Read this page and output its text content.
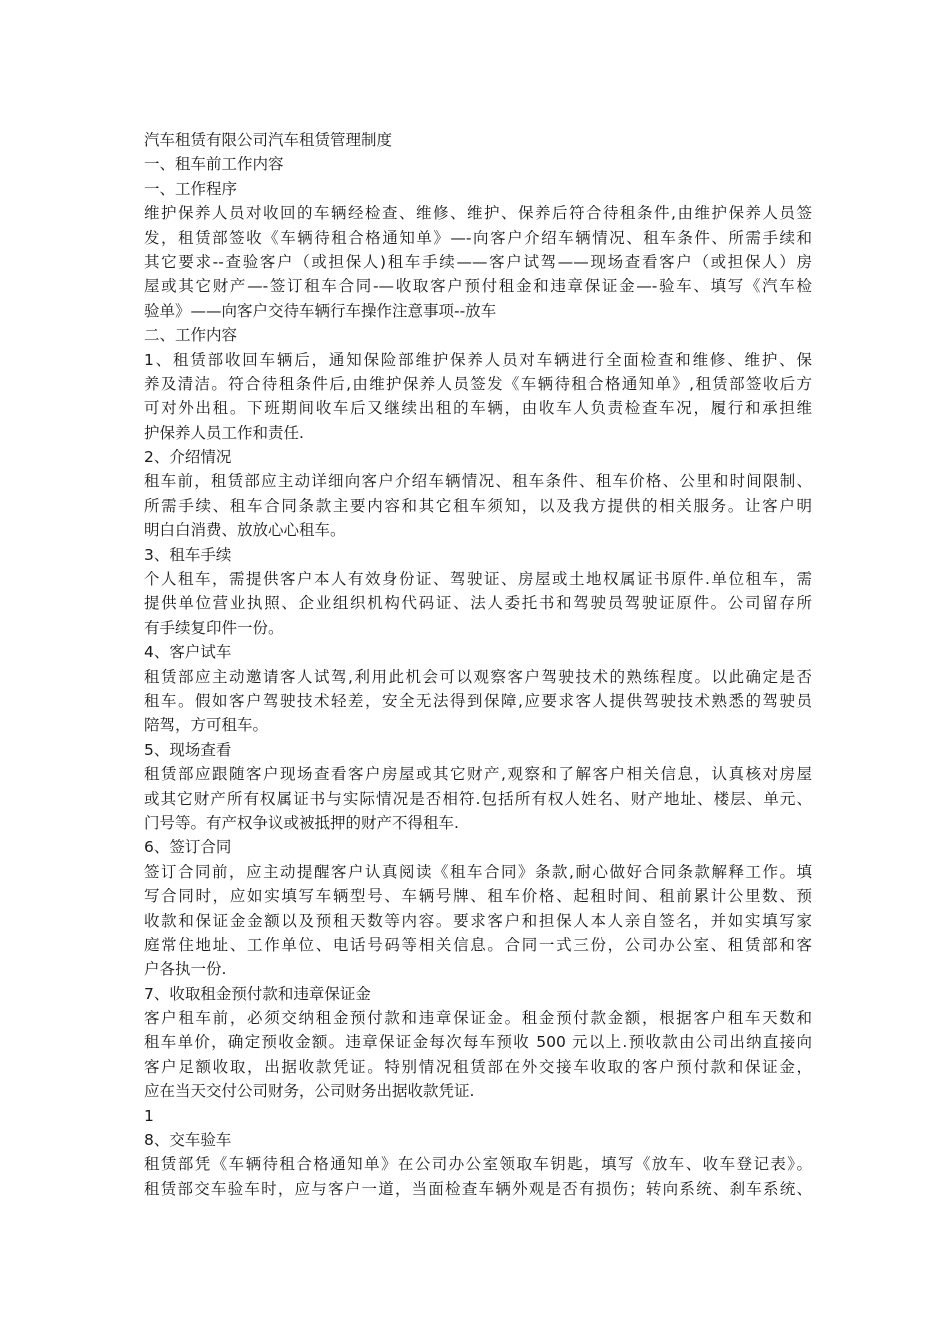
汽车租赁有限公司汽车租赁管理制度
一、租车前工作内容
一、工作程序
维护保养人员对收回的车辆经检查、维修、维护、保养后符合待租条件,由维护保养人员签
发，租赁部签收《车辆待租合格通知单》—-向客户介绍车辆情况、租车条件、所需手续和
其它要求--查验客户（或担保人)租车手续——客户试驾——现场查看客户（或担保人）房
屋或其它财产—-签订租车合同-—收取客户预付租金和违章保证金—-验车、填写《汽车检
验单》——向客户交待车辆行车操作注意事项--放车
二、工作内容
1、租赁部收回车辆后，通知保险部维护保养人员对车辆进行全面检查和维修、维护、保
养及清洁。符合待租条件后,由维护保养人员签发《车辆待租合格通知单》,租赁部签收后方
可对外出租。下班期间收车后又继续出租的车辆，由收车人负责检查车况，履行和承担维
护保养人员工作和责任.
2、介绍情况
租车前，租赁部应主动详细向客户介绍车辆情况、租车条件、租车价格、公里和时间限制、
所需手续、租车合同条款主要内容和其它租车须知，以及我方提供的相关服务。让客户明
明白白消费、放放心心租车。
3、租车手续
个人租车，需提供客户本人有效身份证、驾驶证、房屋或土地权属证书原件.单位租车，需
提供单位营业执照、企业组织机构代码证、法人委托书和驾驶员驾驶证原件。公司留存所
有手续复印件一份。
4、客户试车
租赁部应主动邀请客人试驾,利用此机会可以观察客户驾驶技术的熟练程度。以此确定是否
租车。假如客户驾驶技术轻差，安全无法得到保障,应要求客人提供驾驶技术熟悉的驾驶员
陪驾，方可租车。
5、现场查看
租赁部应跟随客户现场查看客户房屋或其它财产,观察和了解客户相关信息，认真核对房屋
或其它财产所有权属证书与实际情况是否相符.包括所有权人姓名、财产地址、楼层、单元、
门号等。有产权争议或被抵押的财产不得租车.
6、签订合同
签订合同前，应主动提醒客户认真阅读《租车合同》条款,耐心做好合同条款解释工作。填
写合同时，应如实填写车辆型号、车辆号牌、租车价格、起租时间、租前累计公里数、预
收款和保证金金额以及预租天数等内容。要求客户和担保人本人亲自签名，并如实填写家
庭常住地址、工作单位、电话号码等相关信息。合同一式三份，公司办公室、租赁部和客
户各执一份.
7、收取租金预付款和违章保证金
客户租车前，必须交纳租金预付款和违章保证金。租金预付款金额，根据客户租车天数和
租车单价，确定预收金额。违章保证金每次每车预收 500 元以上.预收款由公司出纳直接向
客户足额收取，出据收款凭证。特别情况租赁部在外交接车收取的客户预付款和保证金，
应在当天交付公司财务，公司财务出据收款凭证.
1
8、交车验车
租赁部凭《车辆待租合格通知单》在公司办公室领取车钥匙，填写《放车、收车登记表》。
租赁部交车验车时，应与客户一道，当面检查车辆外观是否有损伤；转向系统、刹车系统、
